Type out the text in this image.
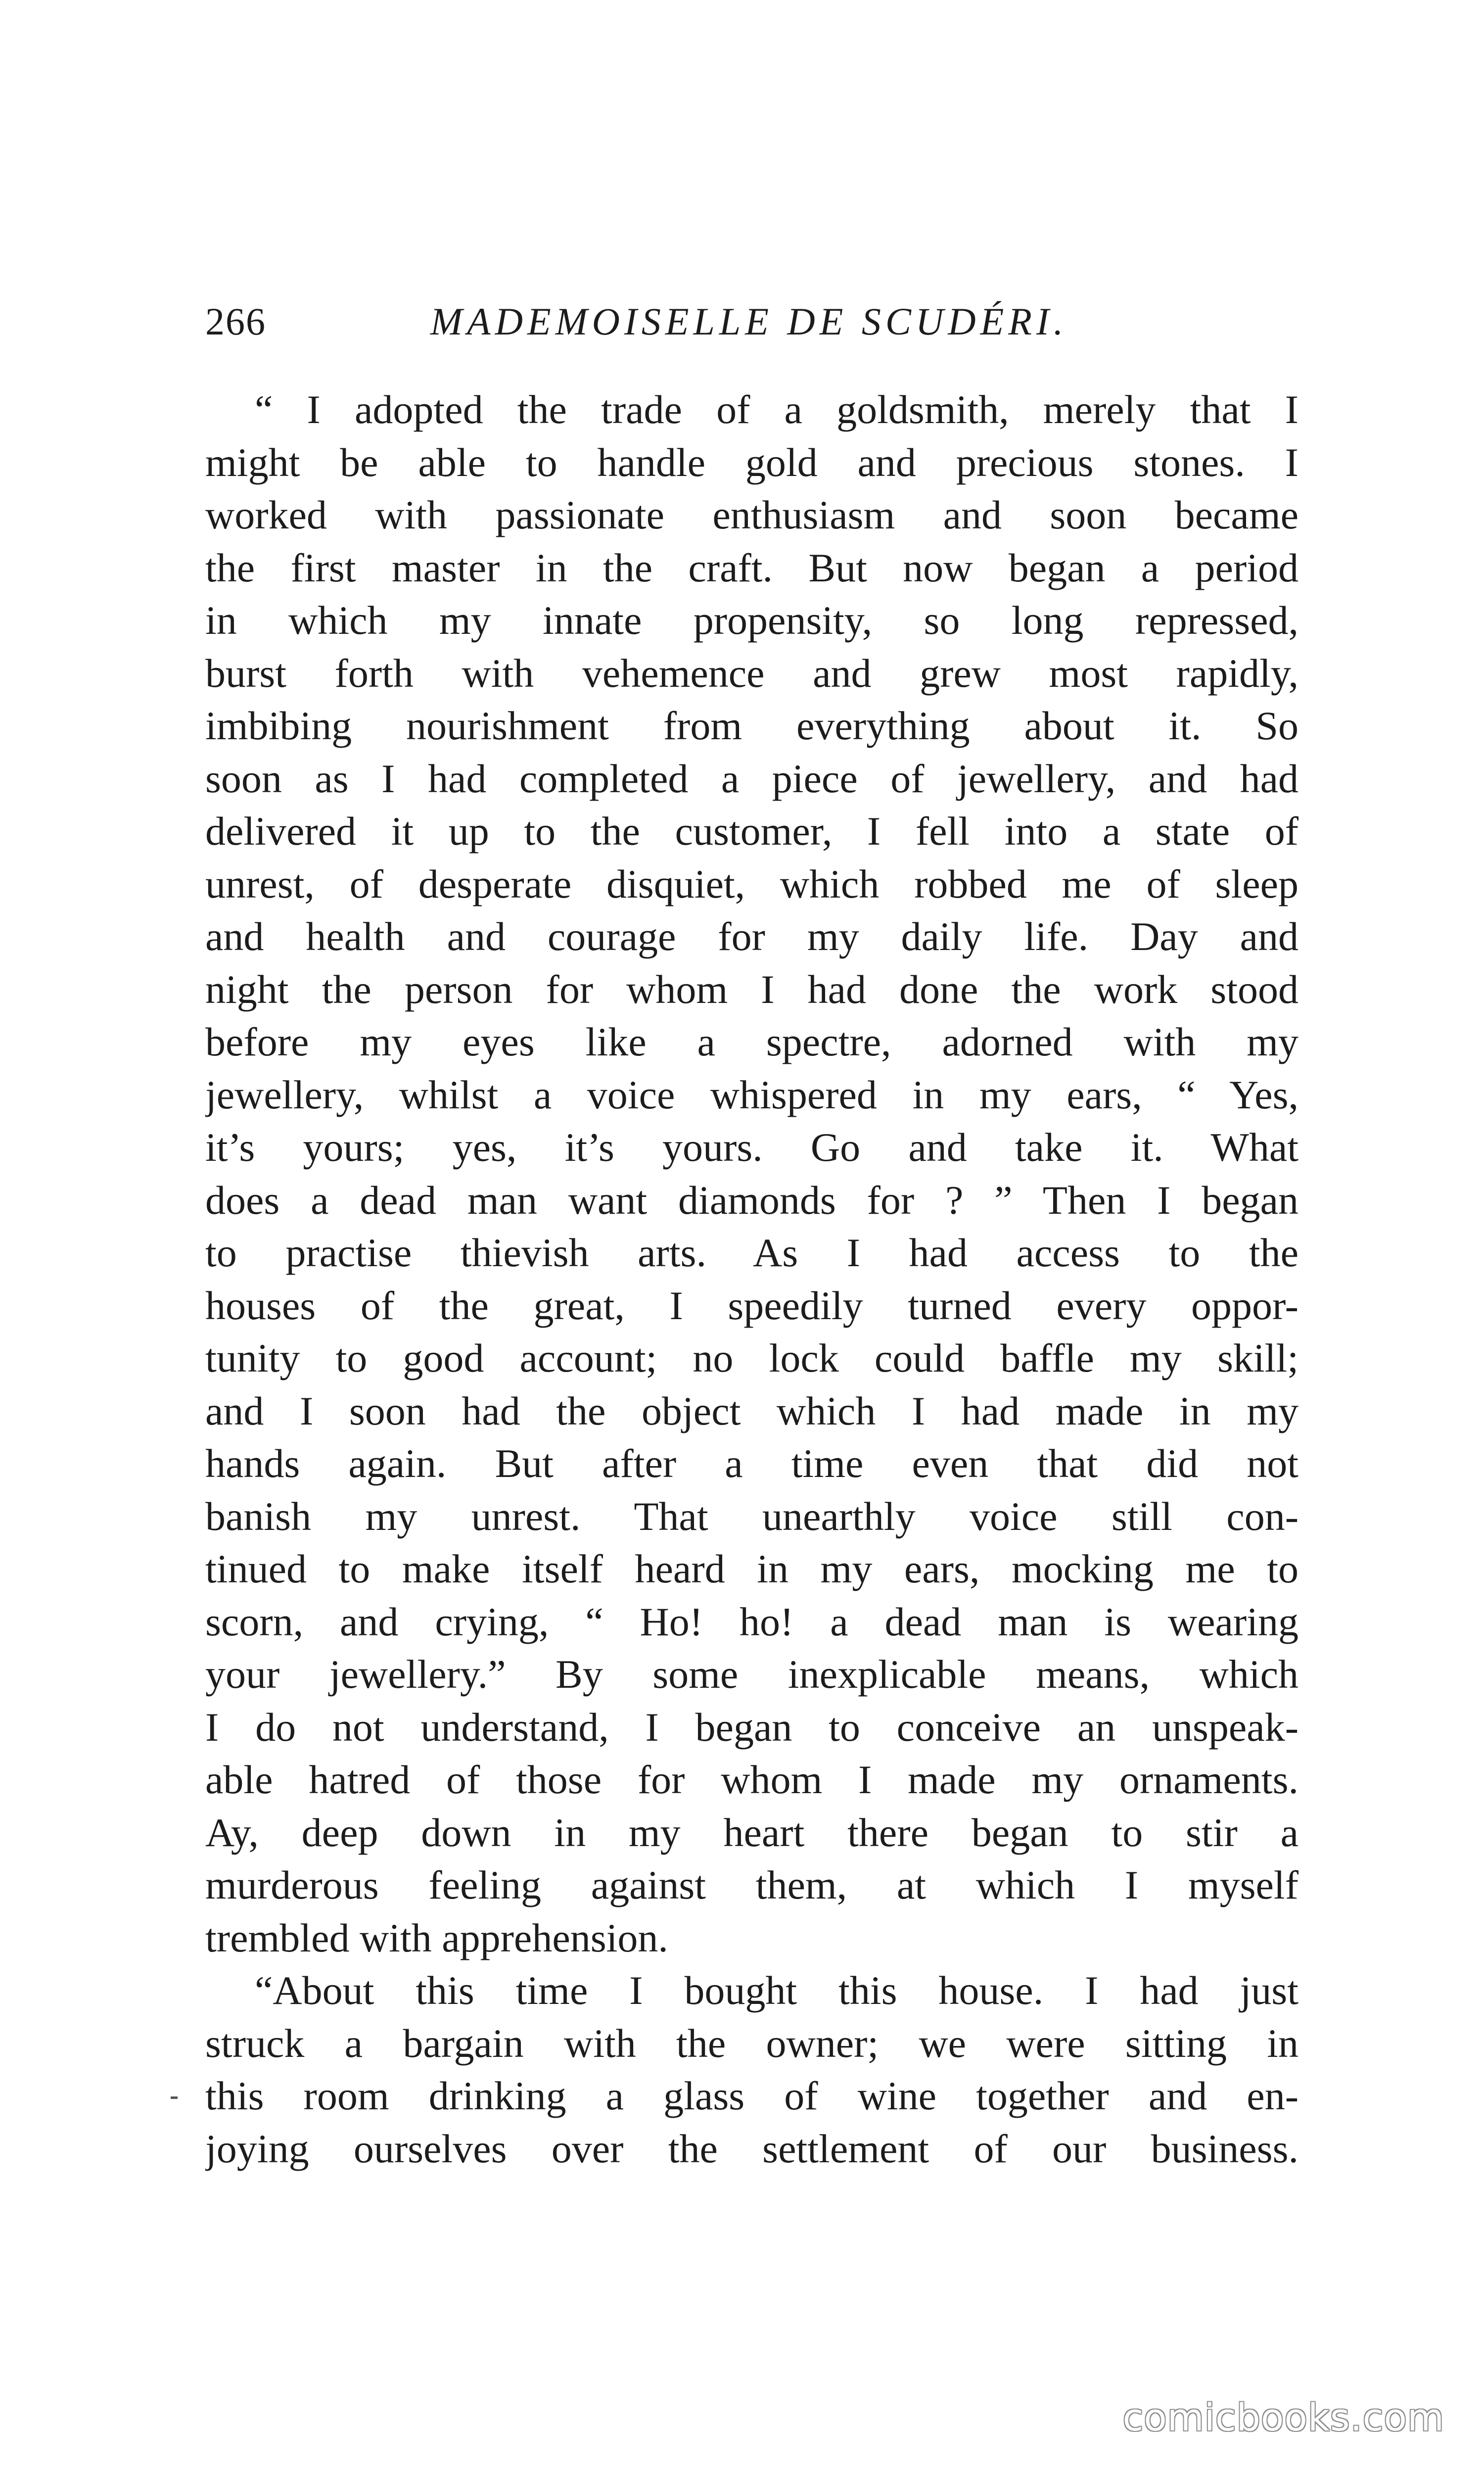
266	MADEMOISELLE DE SCUDÉRI.

“ I adopted the trade of a goldsmith, merely that I
might be able to handle gold and precious stones. I
worked with passionate enthusiasm and soon became
the first master in the craft. But now began a period
in which my innate propensity, so long repressed,
burst forth with vehemence and grew most rapidly,
imbibing nourishment from everything about it. So
soon as I had completed a piece of jewellery, and had
delivered it up to the customer, I fell into a state of
unrest, of desperate disquiet, which robbed me of sleep
and health and courage for my daily life. Day and
night the person for whom I had done the work stood
before my eyes like a spectre, adorned with my
jewellery, whilst a voice whispered in my ears, “ Yes,
it’s yours; yes, it’s yours. Go and take it. What
does a dead man want diamonds for ? ” Then I began
to practise thievish arts. As I had access to the
houses of the great, I speedily turned every oppor-
tunity to good account; no lock could baffle my skill;
and I soon had the object which I had made in my
hands again. But after a time even that did not
banish my unrest. That unearthly voice still con-
tinued to make itself heard in my ears, mocking me to
scorn, and crying, “ Ho! ho! a dead man is wearing
your jewellery.” By some inexplicable means, which
I do not understand, I began to conceive an unspeak-
able hatred of those for whom I made my ornaments.
Ay, deep down in my heart there began to stir a
murderous feeling against them, at which I myself
trembled with apprehension.

“About this time I bought this house. I had just
struck a bargain with the owner; we were sitting in
this room drinking a glass of wine together and en-
joying ourselves over the settlement of our business.

comicbooks.com
